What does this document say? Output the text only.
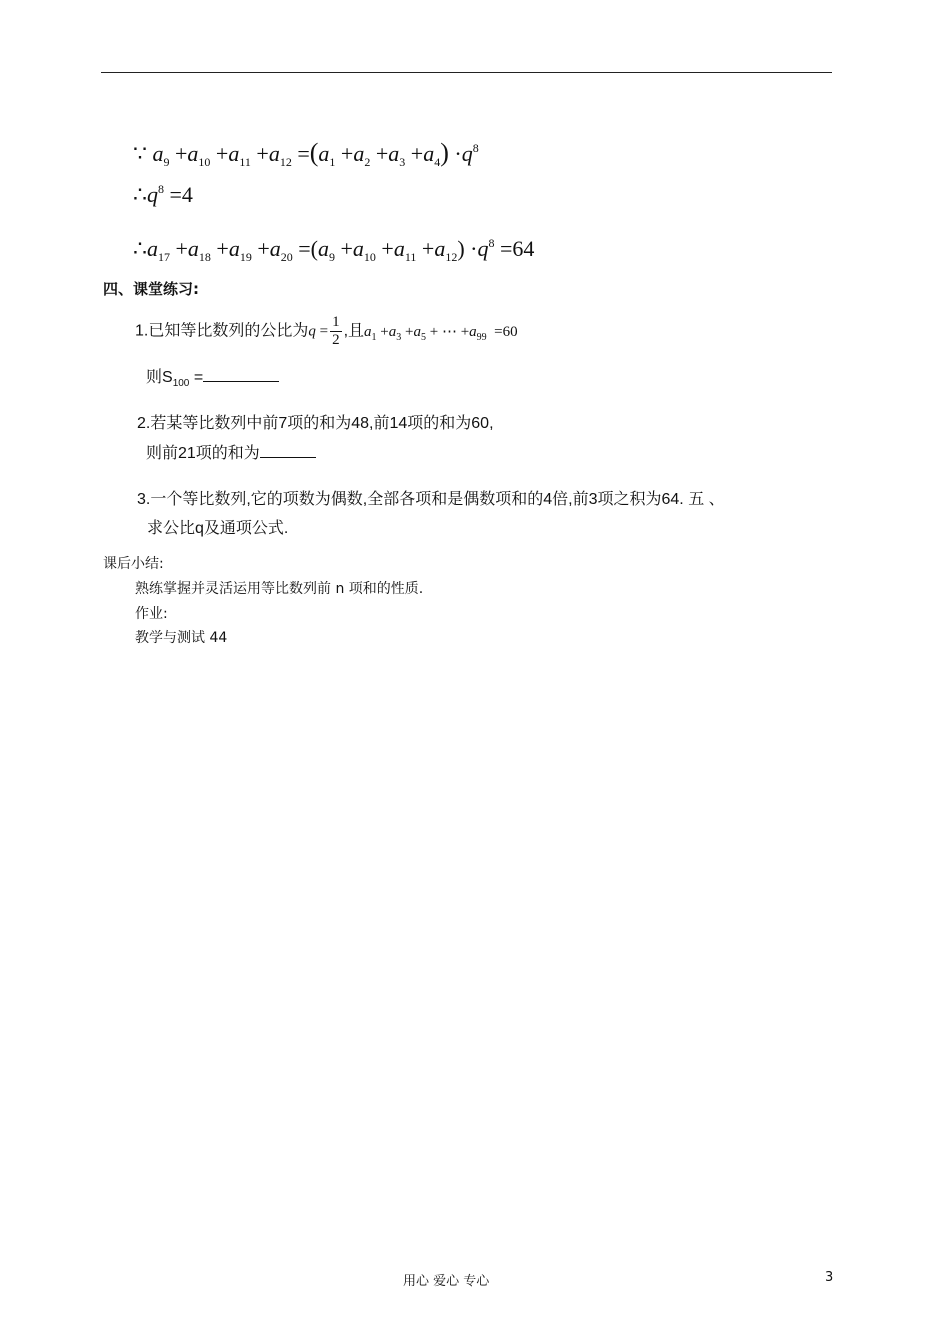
∵ $a_9 +a_{10} +a_{11} +a_{12} =(a_1 +a_2 +a_3 +a_4) \cdot q^8$
$\therefore q^8 =4$
$\therefore a_{17} +a_{18} +a_{19} +a_{20} =(a_9 +a_{10} +a_{11} +a_{12}) \cdot q^8 =64$
四、课堂练习:
1.已知等比数列的公比为$q = \frac{1}{2}$ ,且$a_1 +a_3 +a_5$ + ⋯ $+a_{99} =60$
则$S_{100}$ =
2.若某等比数列中前7项的和为48,前14项的和为60,
则前21项的和为
3.一个等比数列,它的项数为偶数,全部各项和是偶数项和的4倍,前3项之积为64. 五 、
求公比q及通项公式.
课后小结:
熟练掌握并灵活运用等比数列前 n 项和的性质.
作业:
教学与测试 44
用心 爱心 专心	3
